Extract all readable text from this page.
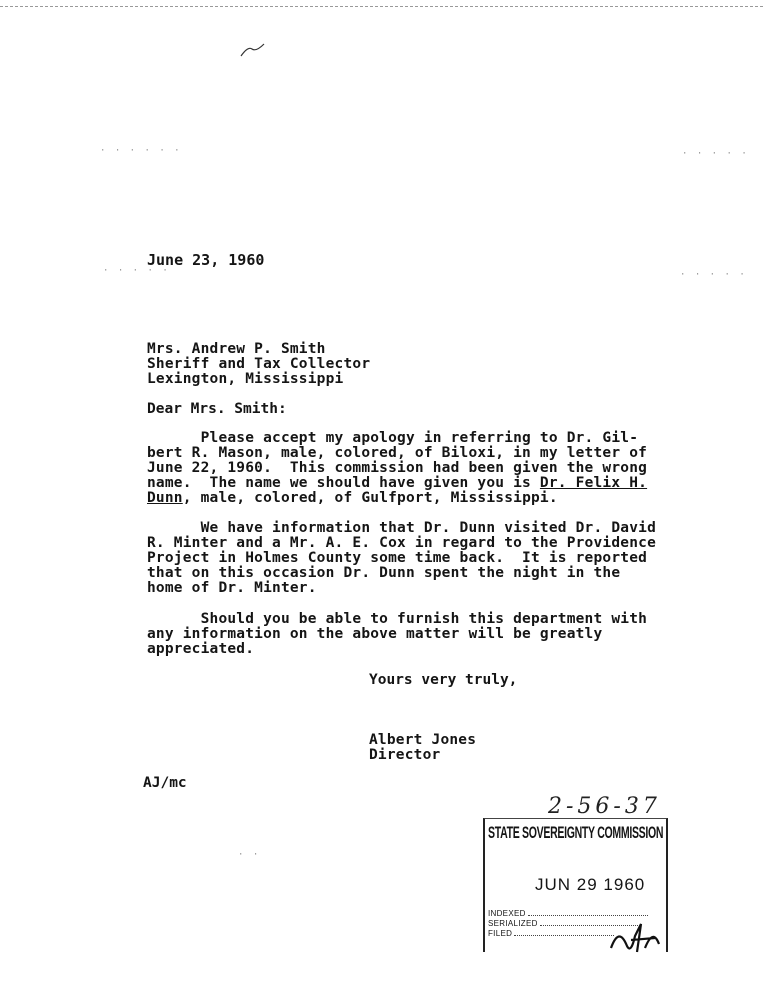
· · · · · ·	· · · · ·
· · · · ·	· · · · ·
· ·
June 23, 1960
Mrs. Andrew P. Smith
Sheriff and Tax Collector
Lexington, Mississippi
Dear Mrs. Smith:
Please accept my apology in referring to Dr. Gil-
bert R. Mason, male, colored, of Biloxi, in my letter of
June 22, 1960.  This commission had been given the wrong
name.  The name we should have given you is Dr. Felix H.
Dunn, male, colored, of Gulfport, Mississippi.
We have information that Dr. Dunn visited Dr. David
R. Minter and a Mr. A. E. Cox in regard to the Providence
Project in Holmes County some time back.  It is reported
that on this occasion Dr. Dunn spent the night in the
home of Dr. Minter.
Should you be able to furnish this department with
any information on the above matter will be greatly
appreciated.
Yours very truly,
Albert Jones
Director
AJ/mc
2-56-37
STATE SOVEREIGNTY COMMISSION
JUN 29 1960
INDEXED
SERIALIZED
FILED
